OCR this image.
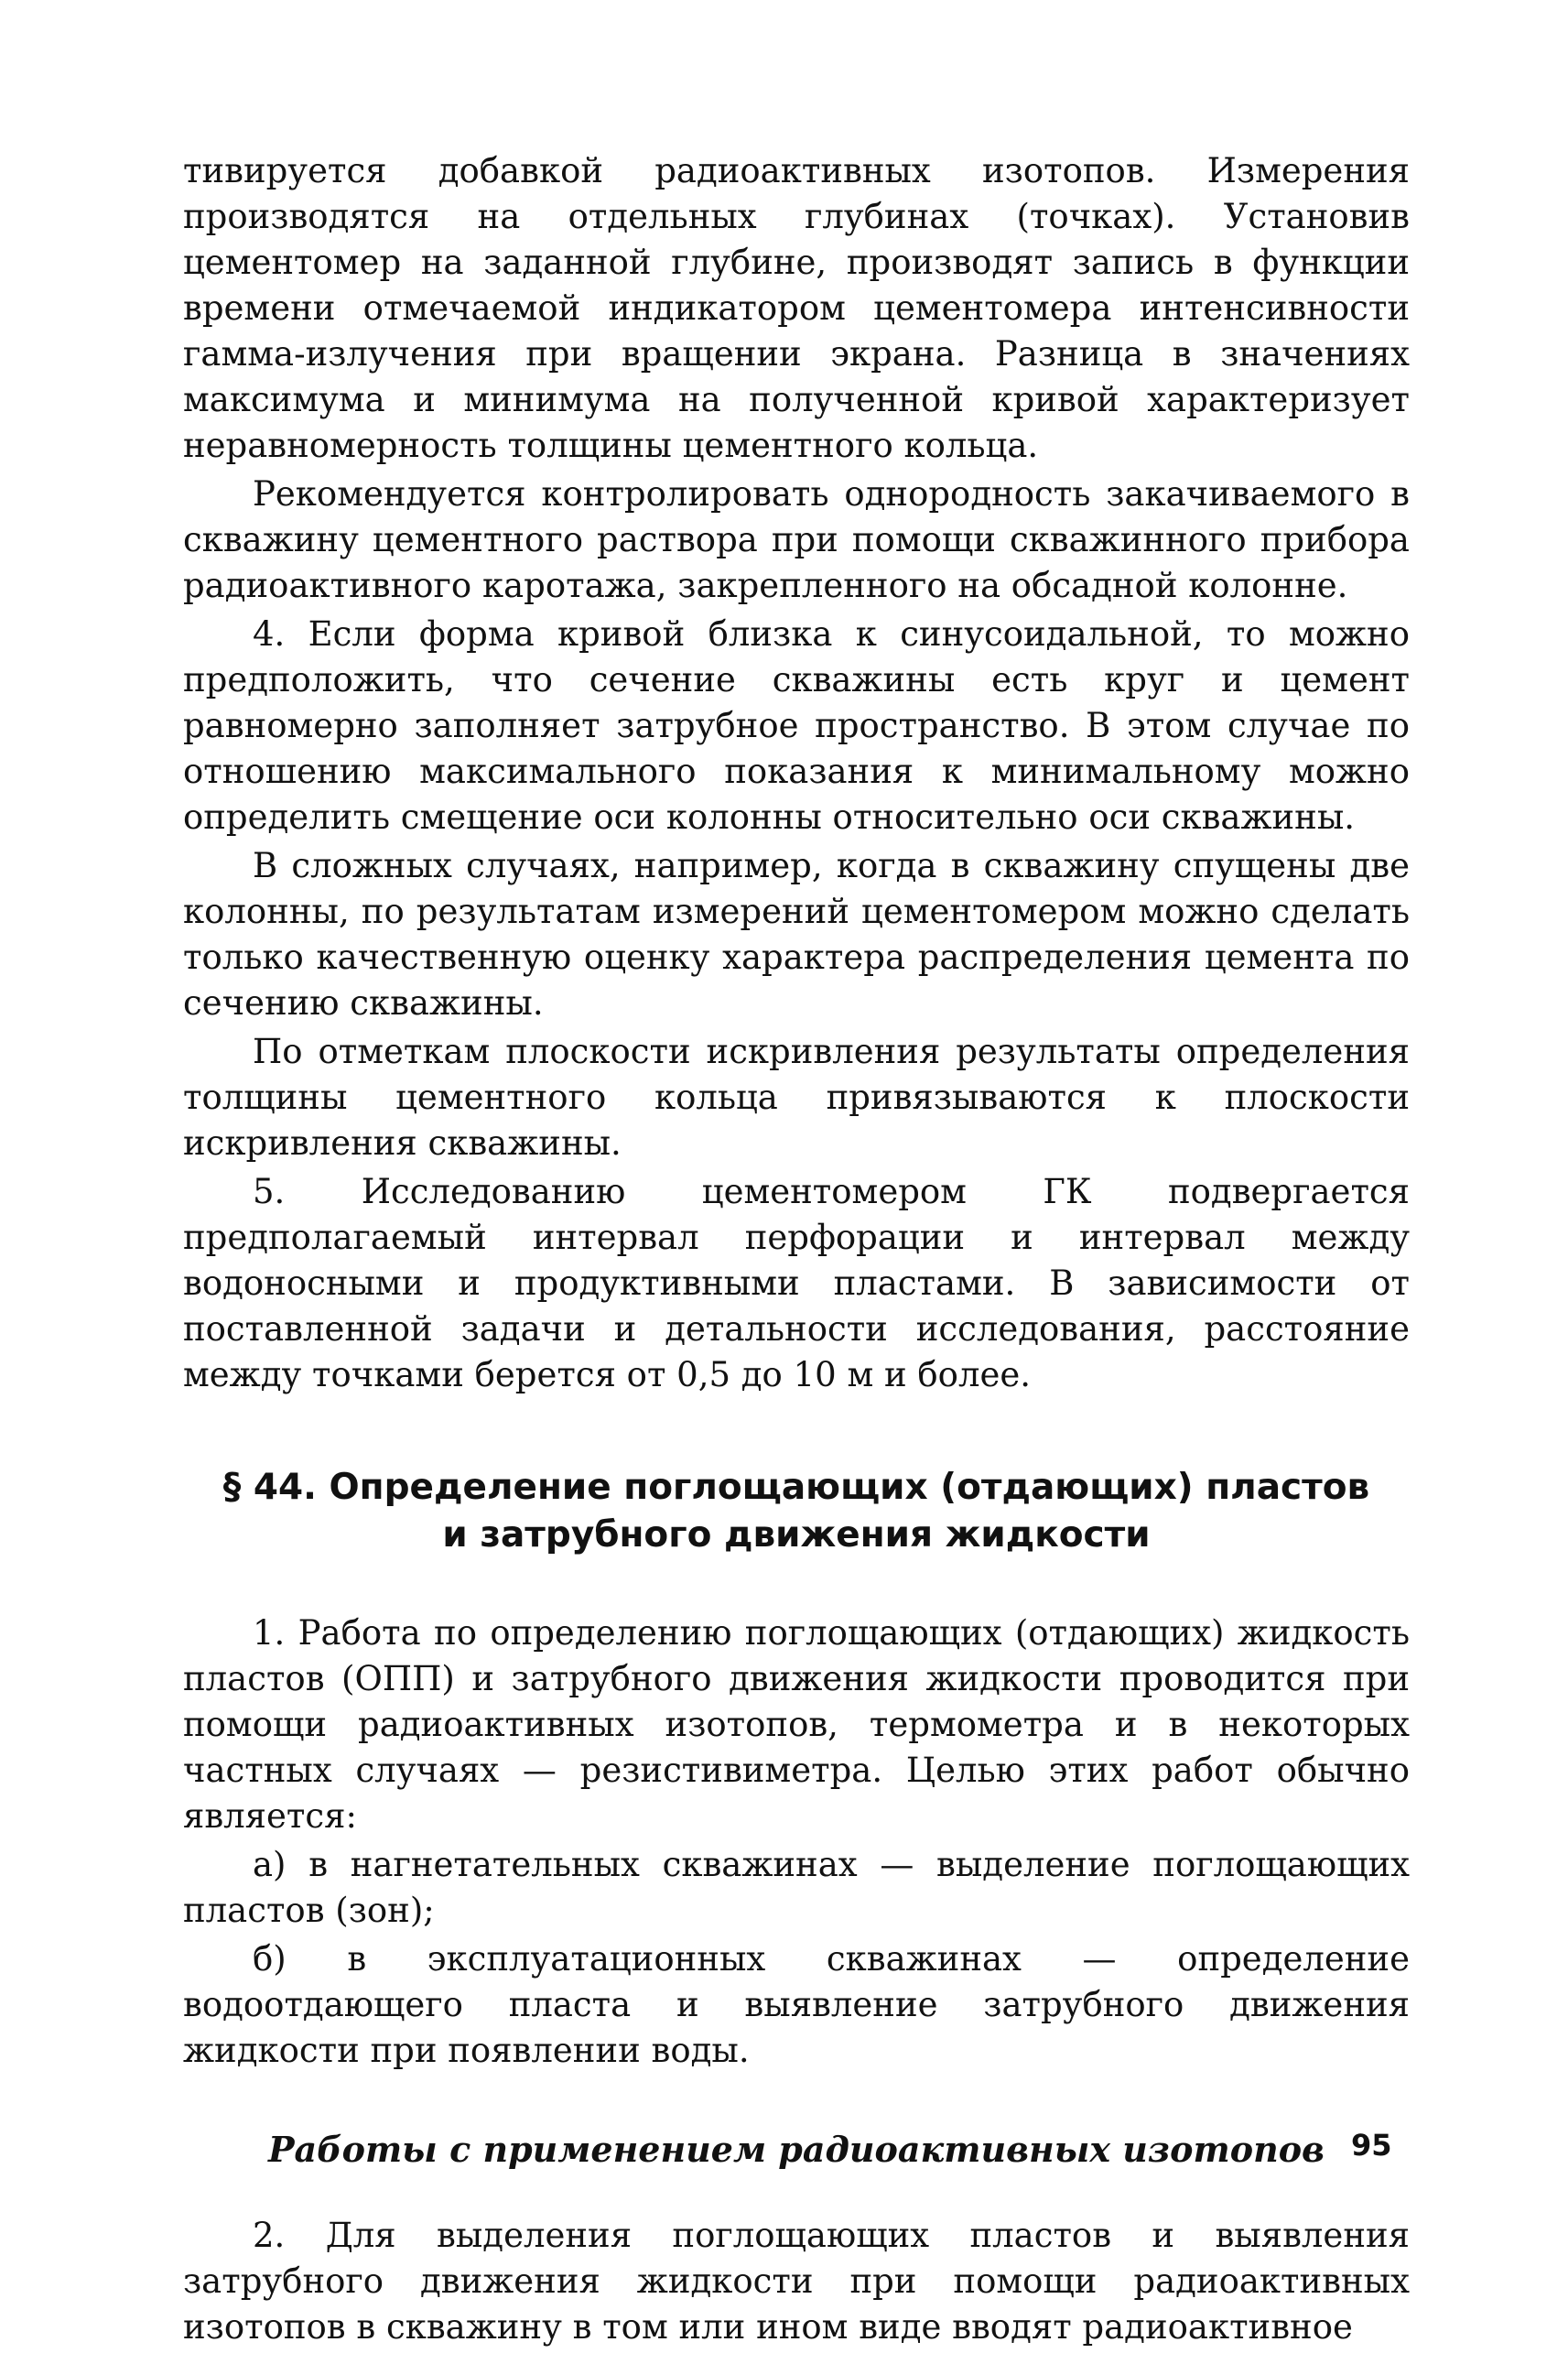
тивируется добавкой радиоактивных изотопов. Измерения производятся на отдельных глубинах (точках). Установив цементомер на заданной глубине, производят запись в функции времени отмечаемой индикатором цементомера интенсивности гамма-излучения при вращении экрана. Разница в значениях максимума и минимума на полученной кривой характеризует неравномерность толщины цементного кольца.

Рекомендуется контролировать однородность закачиваемого в скважину цементного раствора при помощи скважинного прибора радиоактивного каротажа, закрепленного на обсадной колонне.

4. Если форма кривой близка к синусоидальной, то можно предположить, что сечение скважины есть круг и цемент равномерно заполняет затрубное пространство. В этом случае по отношению максимального показания к минимальному можно определить смещение оси колонны относительно оси скважины.

В сложных случаях, например, когда в скважину спущены две колонны, по результатам измерений цементомером можно сделать только качественную оценку характера распределения цемента по сечению скважины.

По отметкам плоскости искривления результаты определения толщины цементного кольца привязываются к плоскости искривления скважины.

5. Исследованию цементомером ГК подвергается предполагаемый интервал перфорации и интервал между водоносными и продуктивными пластами. В зависимости от поставленной задачи и детальности исследования, расстояние между точками берется от 0,5 до 10 м и более.

§ 44. Определение поглощающих (отдающих) пластов
и затрубного движения жидкости

1. Работа по определению поглощающих (отдающих) жидкость пластов (ОПП) и затрубного движения жидкости проводится при помощи радиоактивных изотопов, термометра и в некоторых частных случаях — резистивиметра. Целью этих работ обычно является:

а) в нагнетательных скважинах — выделение поглощающих пластов (зон);

б) в эксплуатационных скважинах — определение водоотдающего пласта и выявление затрубного движения жидкости при появлении воды.

Работы с применением радиоактивных изотопов

2. Для выделения поглощающих пластов и выявления затрубного движения жидкости при помощи радиоактивных изотопов в скважину в том или ином виде вводят радиоактивное

95
